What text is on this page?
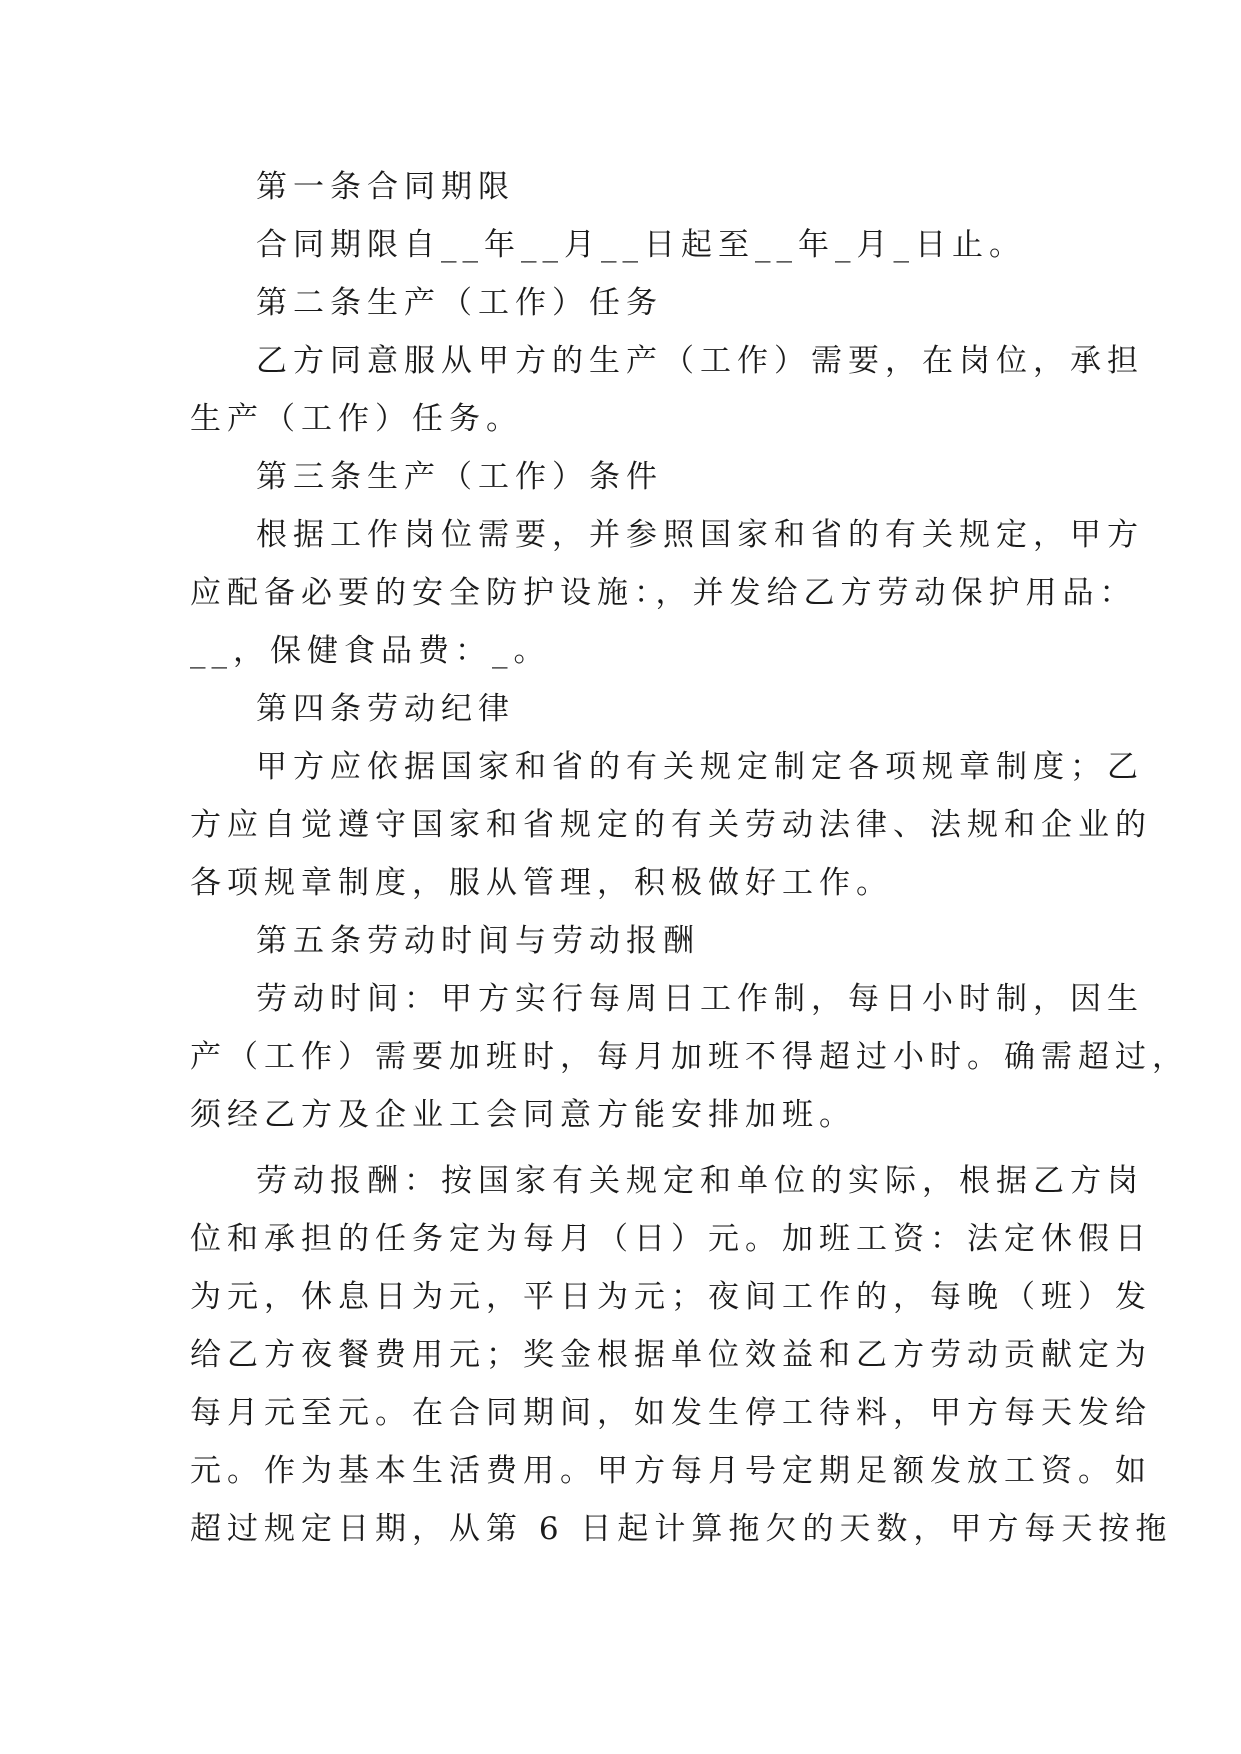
第一条合同期限
合同期限自__年__月__日起至__年_月_日止。
第二条生产（工作）任务
乙方同意服从甲方的生产（工作）需要，在岗位，承担
生产（工作）任务。
第三条生产（工作）条件
根据工作岗位需要，并参照国家和省的有关规定，甲方
应配备必要的安全防护设施：，并发给乙方劳动保护用品：
__，保健食品费：_。
第四条劳动纪律
甲方应依据国家和省的有关规定制定各项规章制度；乙
方应自觉遵守国家和省规定的有关劳动法律、法规和企业的
各项规章制度，服从管理，积极做好工作。
第五条劳动时间与劳动报酬
劳动时间：甲方实行每周日工作制，每日小时制，因生
产（工作）需要加班时，每月加班不得超过小时。确需超过，
须经乙方及企业工会同意方能安排加班。
劳动报酬：按国家有关规定和单位的实际，根据乙方岗
位和承担的任务定为每月（日）元。加班工资：法定休假日
为元，休息日为元，平日为元；夜间工作的，每晚（班）发
给乙方夜餐费用元；奖金根据单位效益和乙方劳动贡献定为
每月元至元。在合同期间，如发生停工待料，甲方每天发给
元。作为基本生活费用。甲方每月号定期足额发放工资。如
超过规定日期，从第 6 日起计算拖欠的天数，甲方每天按拖
